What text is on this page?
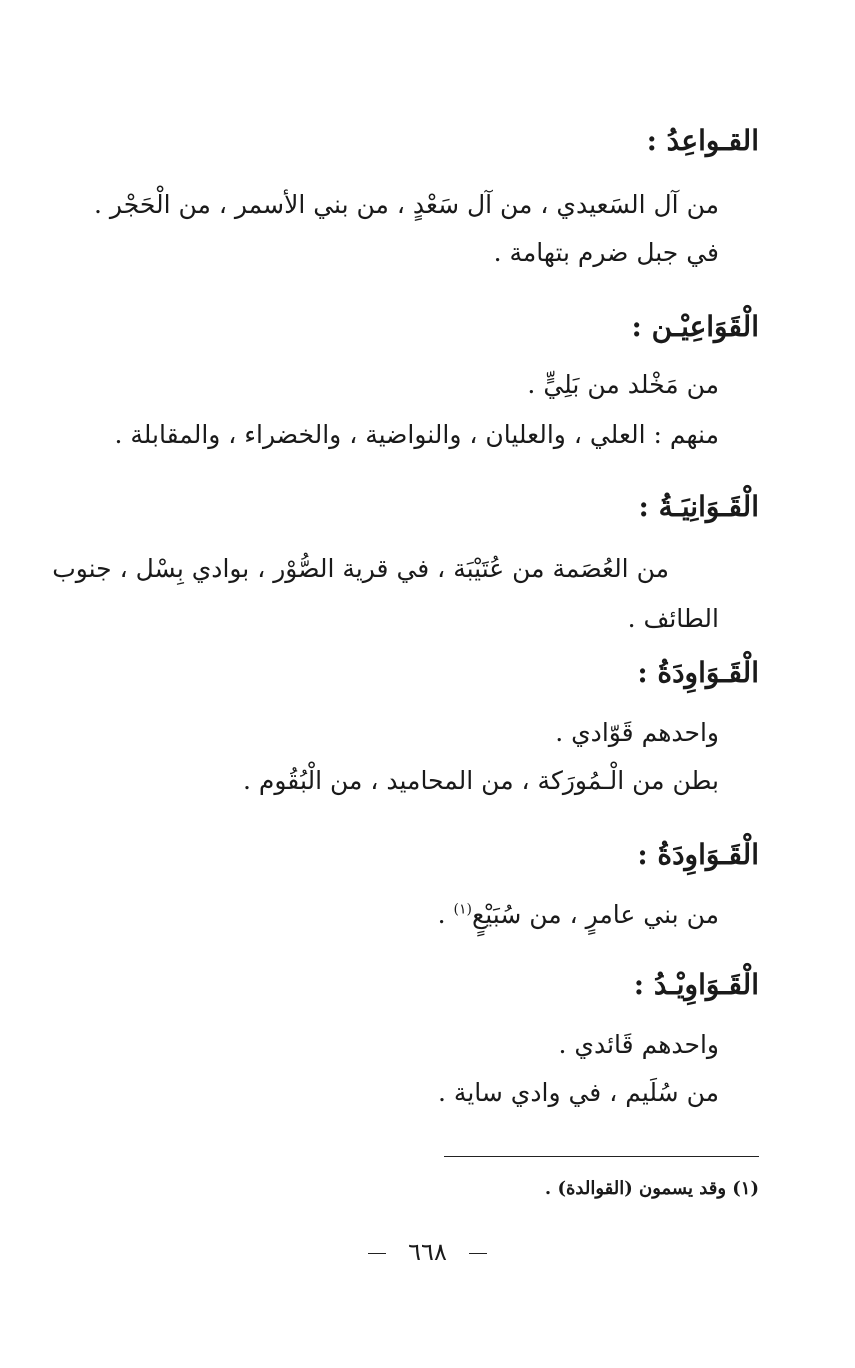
القـواعِدُ :
من آل السَعيدي ، من آل سَعْدٍ ، من بني الأسمر ، من الْحَجْر .
في جبل ضرم بتهامة .
الْقَوَاعِيْـن :
من مَخْلد من بَلِيٍّ .
منهم : العلي ، والعليان ، والنواضية ، والخضراء ، والمقابلة .
الْقَـوَانِيَـةُ :
من العُصَمة من عُتَيْبَة ، في قرية الصُّوْر ، بوادي بِسْل ، جنوب
الطائف .
الْقَـوَاوِدَةُ :
واحدهم قَوّادي .
بطن من الْـمُورَكة ، من المحاميد ، من الْبُقُوم .
الْقَـوَاوِدَةُ :
من بني عامرٍ ، من سُبَيْعٍ$^{(١)}$ .
الْقَـوَاوِيْـدُ :
واحدهم قَائدي .
من سُلَيم ، في وادي ساية .
(١) وقد يسمون (القوالدة) .
٦٦٨
